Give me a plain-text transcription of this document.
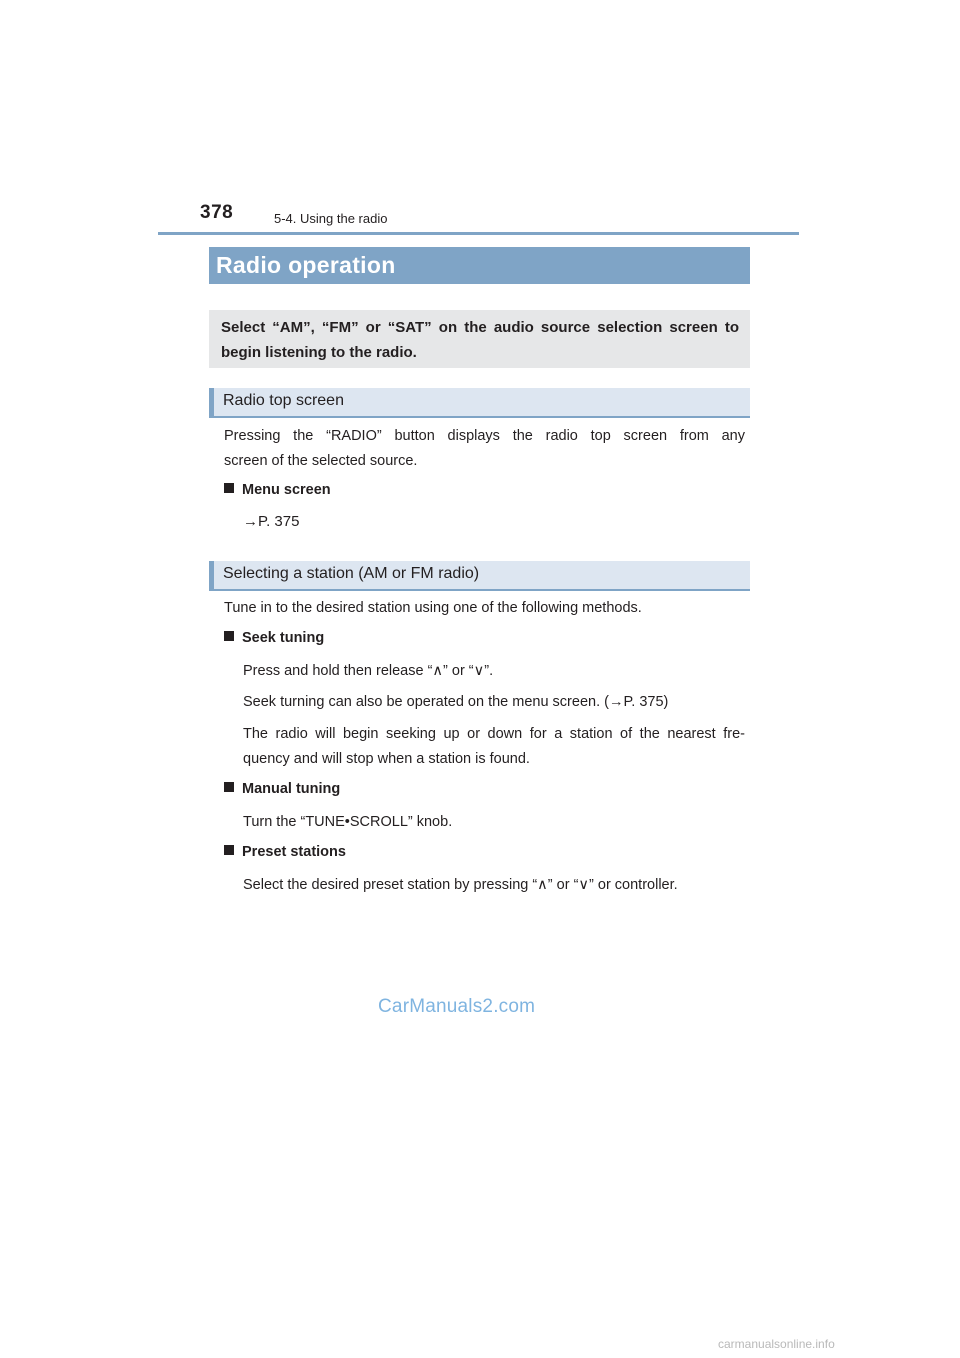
378	5-4. Using the radio
Radio operation
Select “AM”, “FM” or “SAT” on the audio source selection screen to begin listening to the radio.
Radio top screen
Pressing the “RADIO” button displays the radio top screen from any
screen of the selected source.
Menu screen
→P. 375
Selecting a station (AM or FM radio)
Tune in to the desired station using one of the following methods.
Seek tuning
Press and hold then release “∧” or “∨”.
Seek turning can also be operated on the menu screen. (→P. 375)
The radio will begin seeking up or down for a station of the nearest fre-
quency and will stop when a station is found.
Manual tuning
Turn the “TUNE•SCROLL” knob.
Preset stations
Select the desired preset station by pressing “∧” or “∨” or controller.
CarManuals2.com
carmanualsonline.info
